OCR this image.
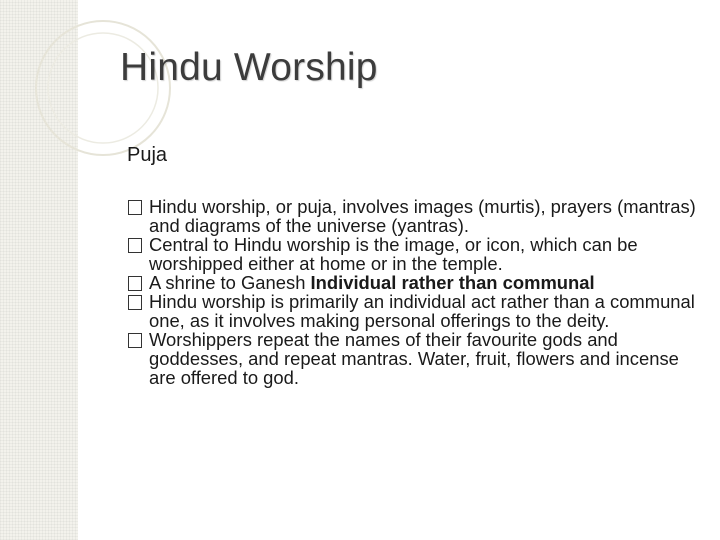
Hindu Worship
Puja
Hindu worship, or puja, involves images (murtis), prayers (mantras) and diagrams of the universe (yantras).
Central to Hindu worship is the image, or icon, which can be worshipped either at home or in the temple.
A shrine to Ganesh Individual rather than communal
Hindu worship is primarily an individual act rather than a communal one, as it involves making personal offerings to the deity.
Worshippers repeat the names of their favourite gods and goddesses, and repeat mantras. Water, fruit, flowers and incense are offered to god.
